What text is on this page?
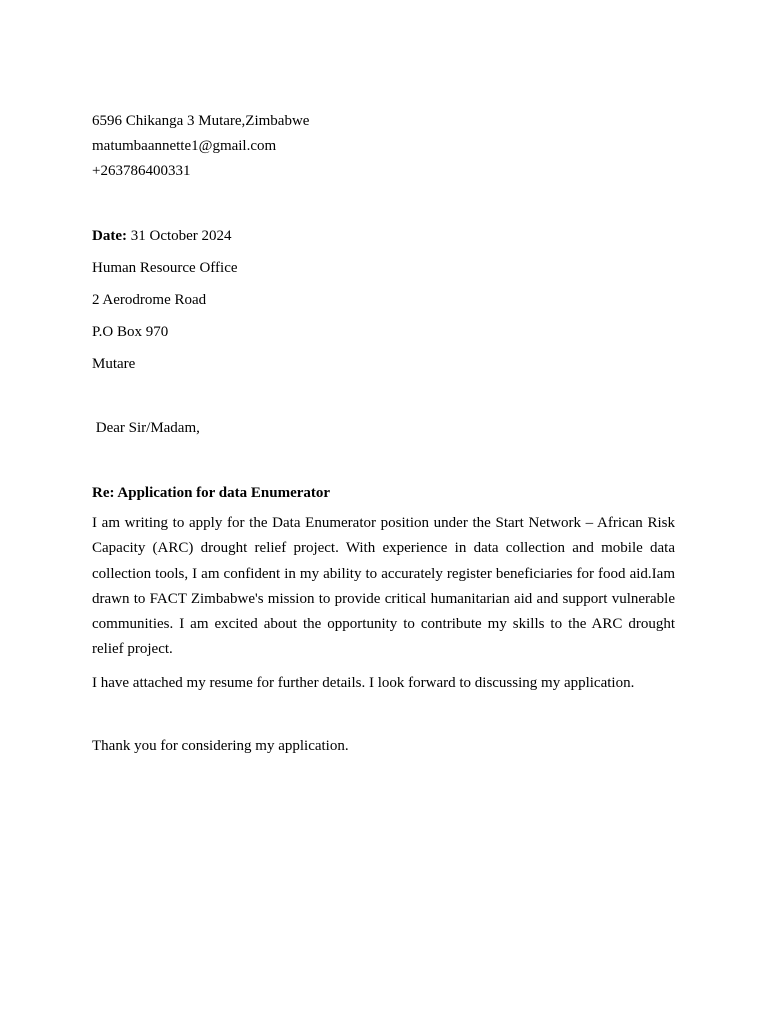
6596 Chikanga 3 Mutare,Zimbabwe
matumbaannette1@gmail.com
+263786400331
Date: 31 October 2024
Human Resource Office
2 Aerodrome Road
P.O Box 970
Mutare
Dear Sir/Madam,
Re: Application for data Enumerator
I am writing to apply for the Data Enumerator position under the Start Network – African Risk Capacity (ARC) drought relief project. With experience in data collection and mobile data collection tools, I am confident in my ability to accurately register beneficiaries for food aid.Iam drawn to FACT Zimbabwe's mission to provide critical humanitarian aid and support vulnerable communities. I am excited about the opportunity to contribute my skills to the ARC drought relief project.
I have attached my resume for further details. I look forward to discussing my application.
Thank you for considering my application.
